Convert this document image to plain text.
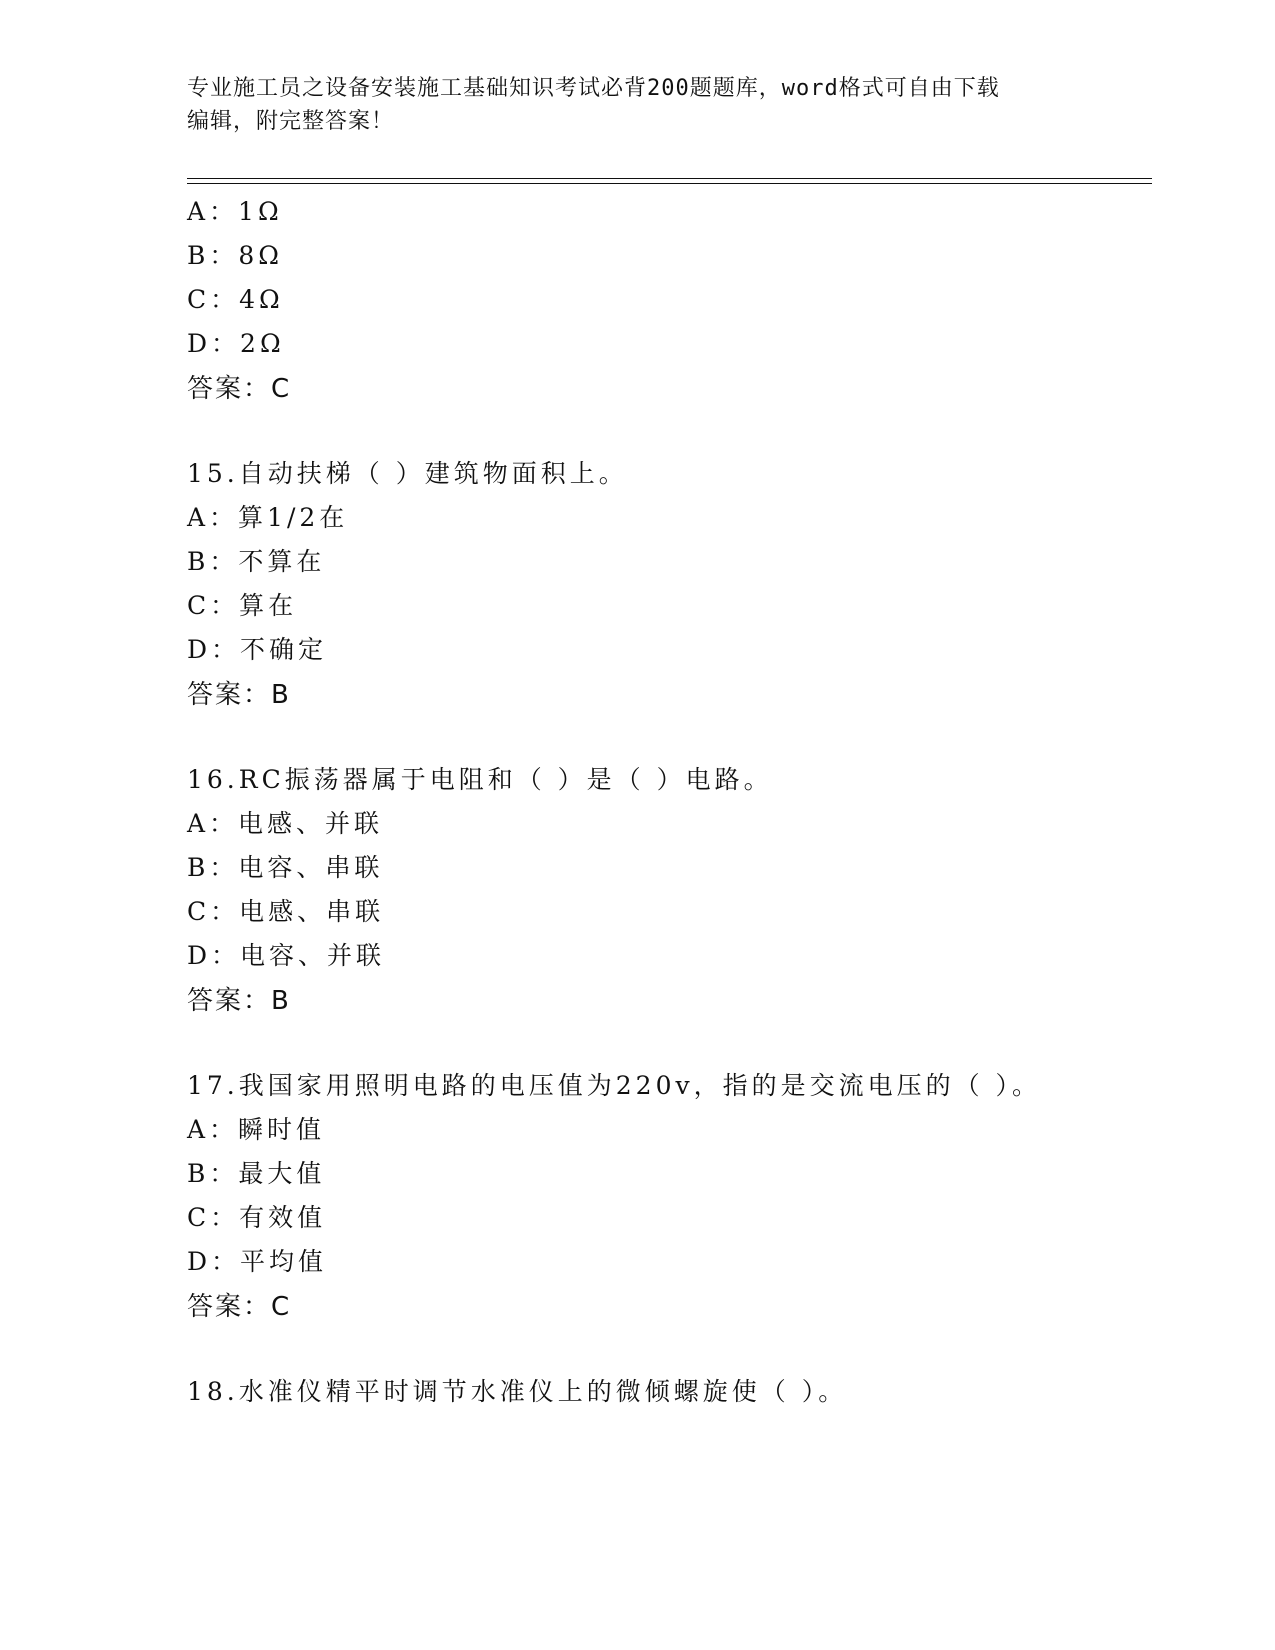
专业施工员之设备安装施工基础知识考试必背200题题库，word格式可自由下载
编辑，附完整答案！
A：1Ω
B：8Ω
C：4Ω
D：2Ω
答案：C
15.自动扶梯（ ）建筑物面积上。
A：算1/2在
B：不算在
C：算在
D：不确定
答案：B
16.RC振荡器属于电阻和（ ）是（ ）电路。
A：电感、并联
B：电容、串联
C：电感、串联
D：电容、并联
答案：B
17.我国家用照明电路的电压值为220v，指的是交流电压的（ ）。
A：瞬时值
B：最大值
C：有效值
D：平均值
答案：C
18.水准仪精平时调节水准仪上的微倾螺旋使（ ）。
